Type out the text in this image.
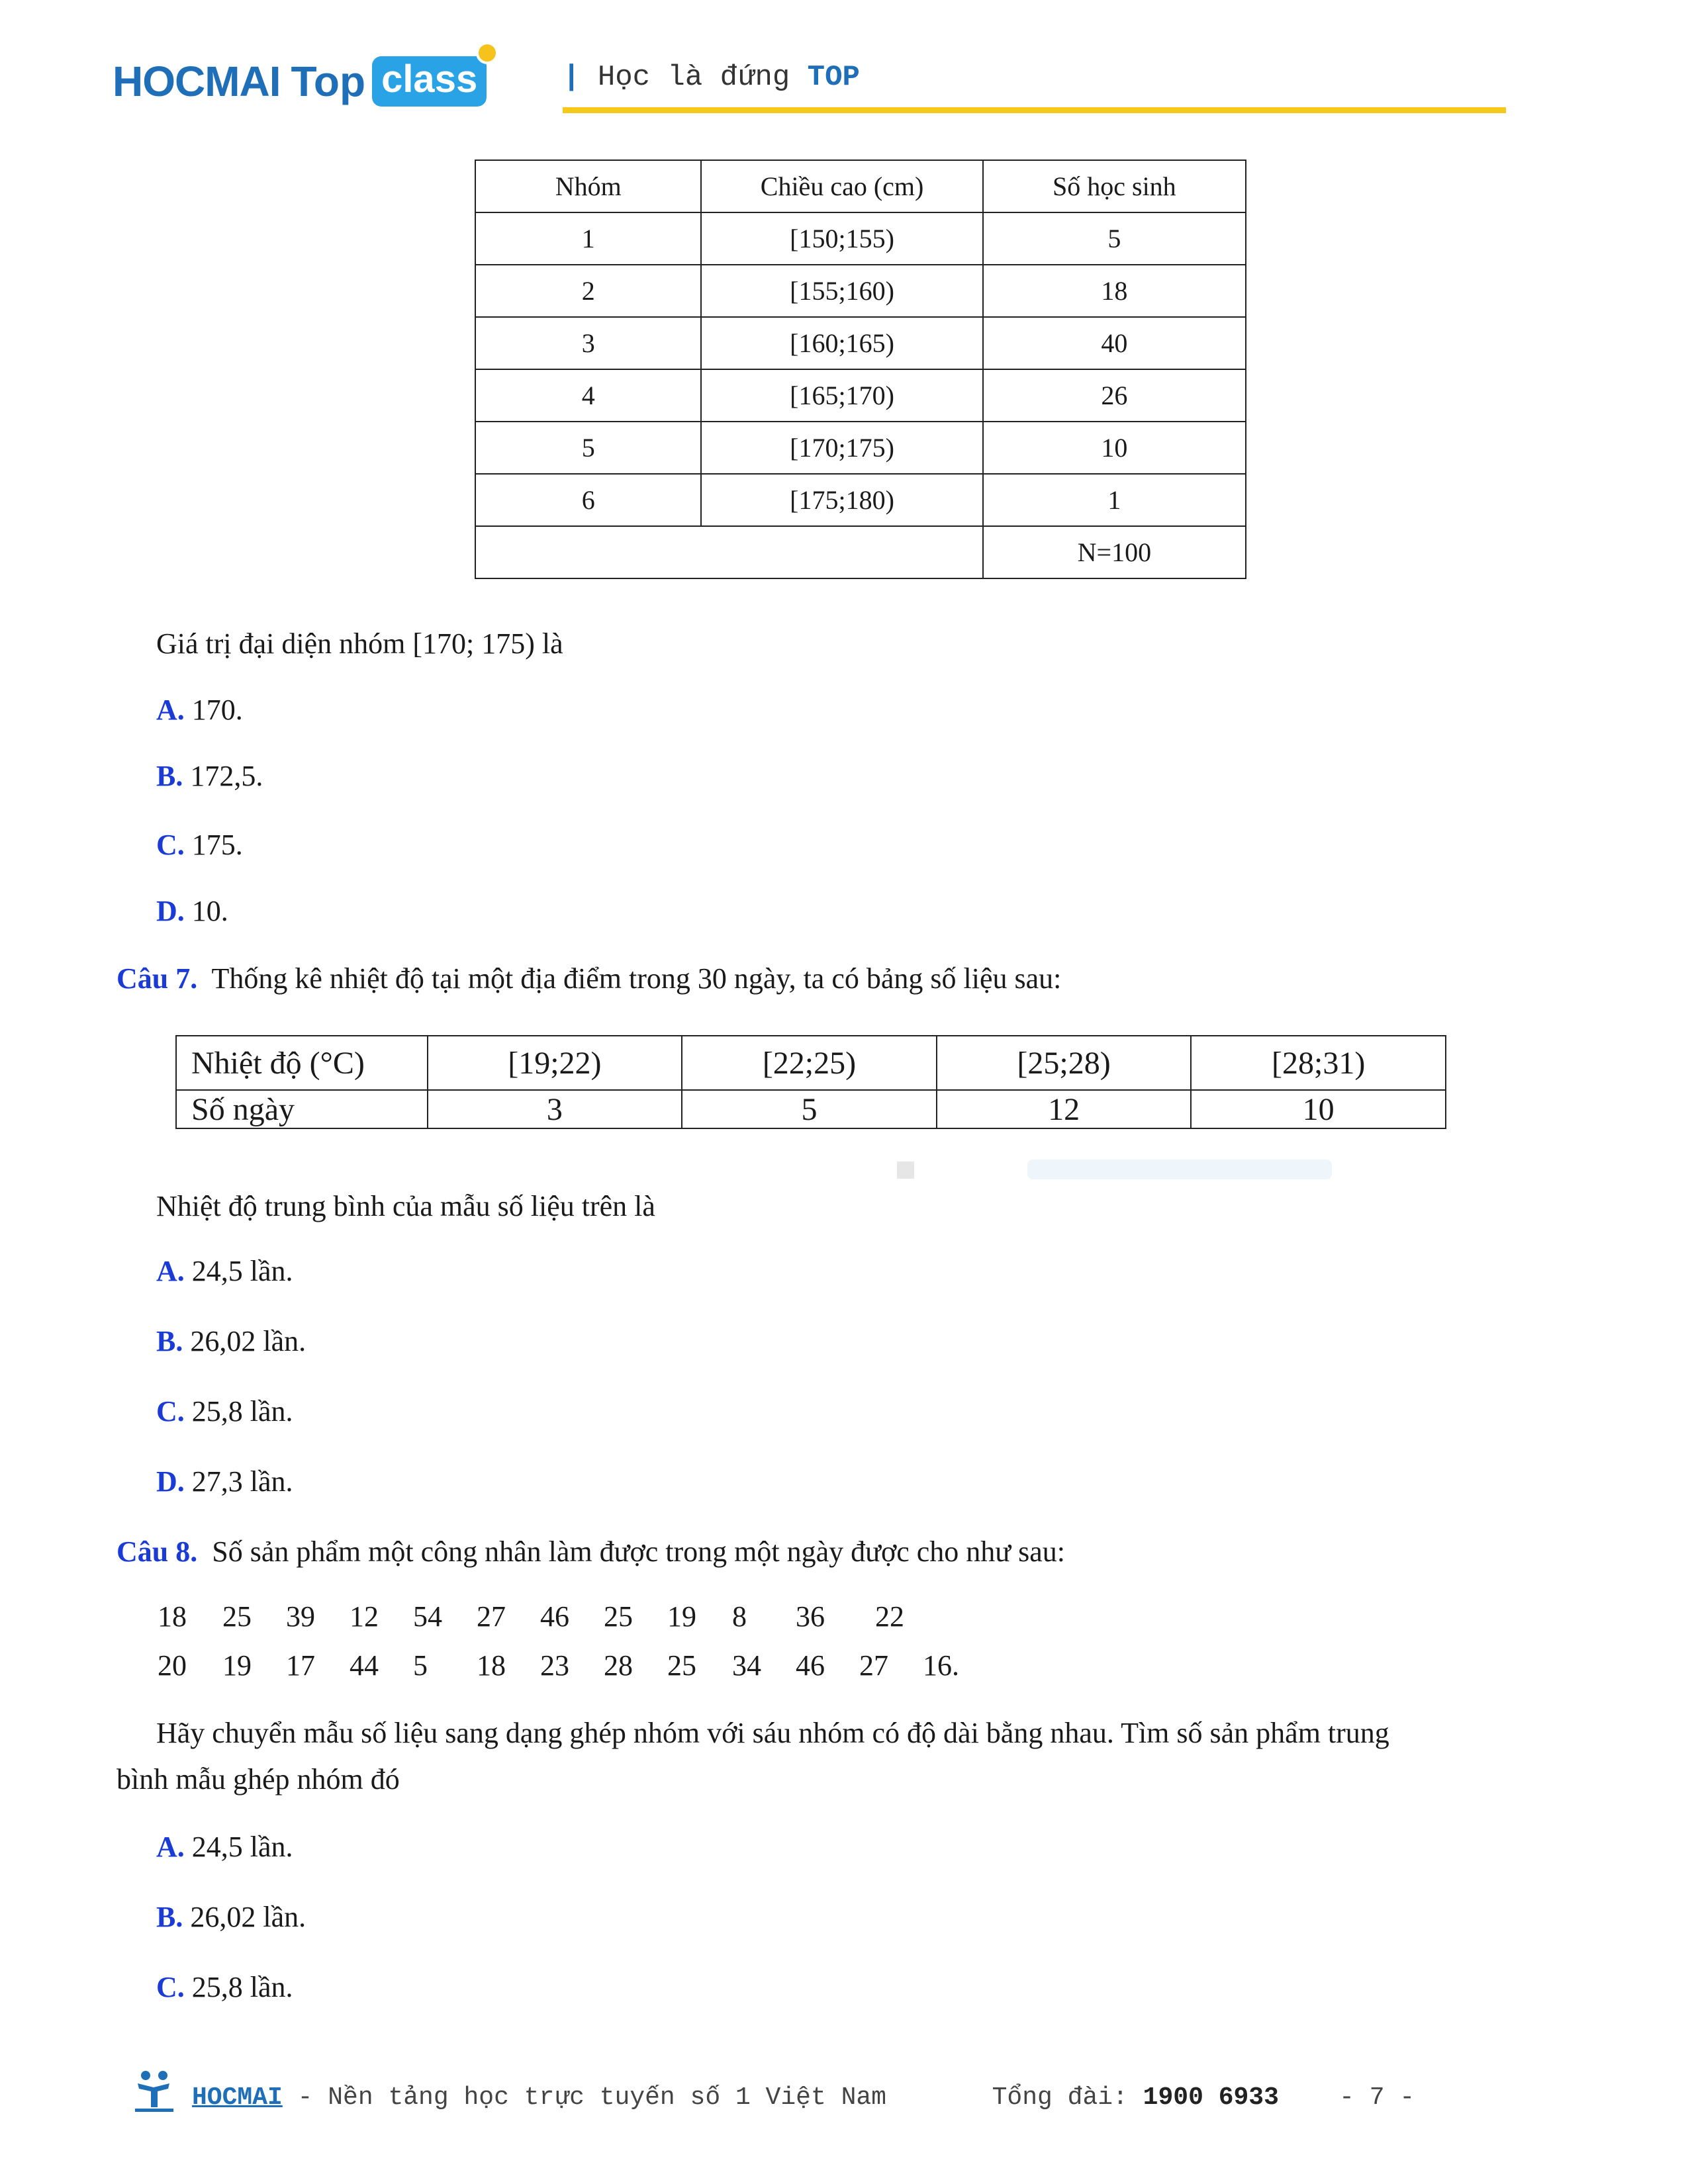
HOCMAI Top class	| Học là đứng TOP
Nhóm	Chiều cao (cm)	Số học sinh
1	[150;155)	5
2	[155;160)	18
3	[160;165)	40
4	[165;170)	26
5	[170;175)	10
6	[175;180)	1
		N=100
Giá trị đại diện nhóm [170; 175) là
A. 170.
B. 172,5.
C. 175.
D. 10.
Câu 7. Thống kê nhiệt độ tại một địa điểm trong 30 ngày, ta có bảng số liệu sau:
Nhiệt độ (°C)	[19;22)	[22;25)	[25;28)	[28;31)
Số ngày	3	5	12	10
Nhiệt độ trung bình của mẫu số liệu trên là
A. 24,5 lần.
B. 26,02 lần.
C. 25,8 lần.
D. 27,3 lần.
Câu 8. Số sản phẩm một công nhân làm được trong một ngày được cho như sau:
18	25	39	12	54	27	46	25	19	8	36	22
20	19	17	44	5	18	23	28	25	34	46	27	16.
Hãy chuyển mẫu số liệu sang dạng ghép nhóm với sáu nhóm có độ dài bằng nhau. Tìm số sản phẩm trung
bình mẫu ghép nhóm đó
A. 24,5 lần.
B. 26,02 lần.
C. 25,8 lần.
HOCMAI - Nền tảng học trực tuyến số 1 Việt Nam	Tổng đài: 1900 6933 - 7 -
